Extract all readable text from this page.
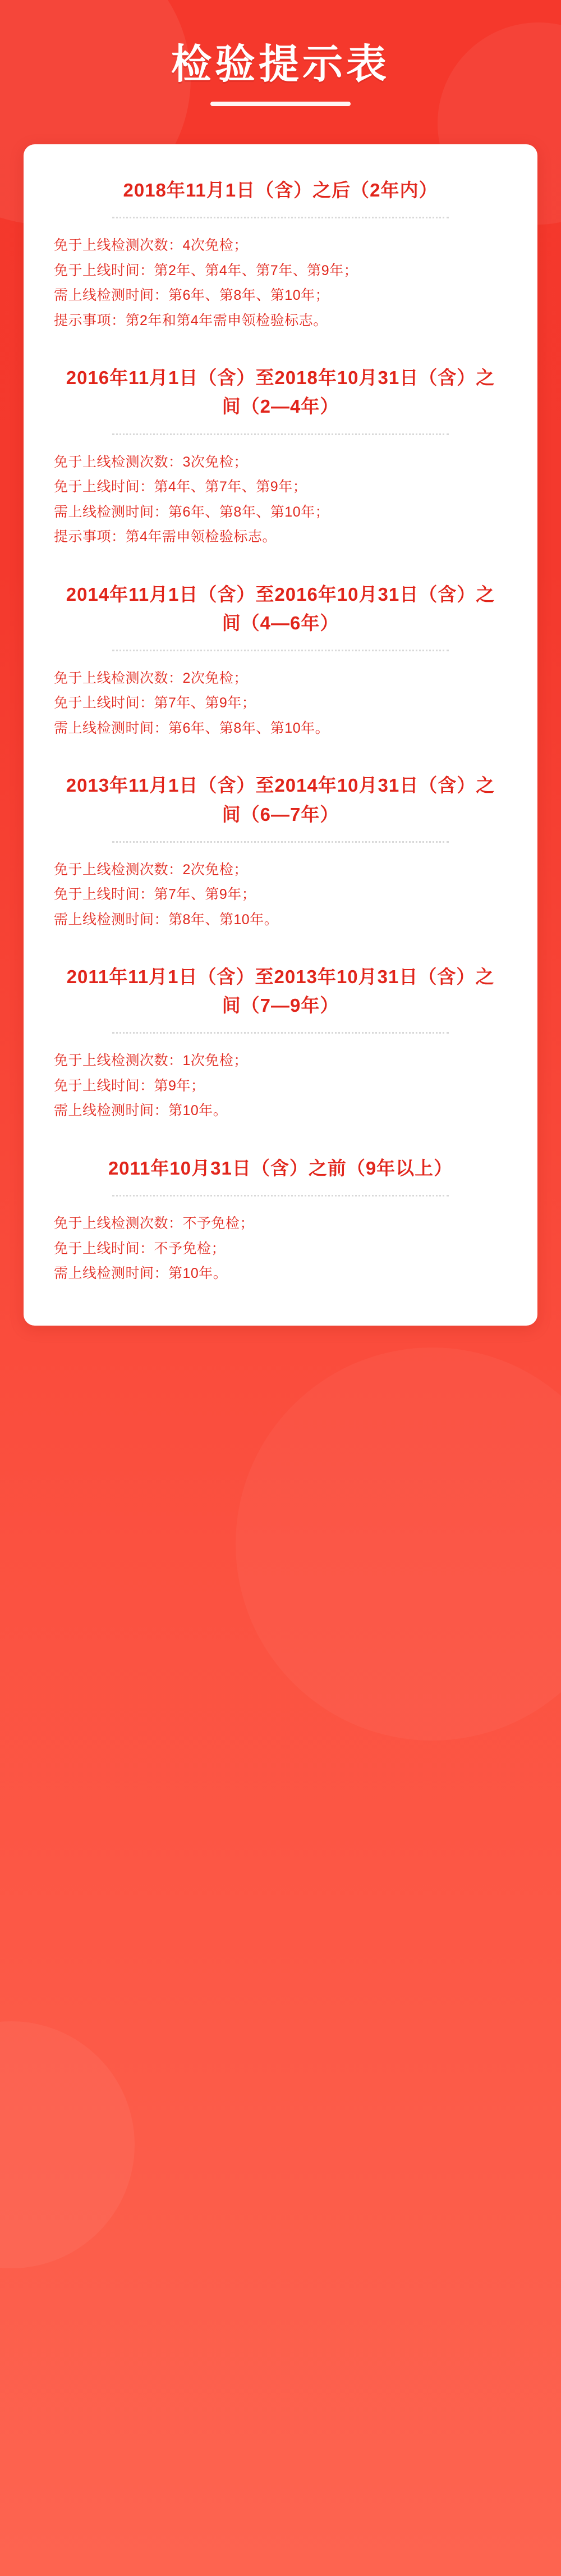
检验提示表
2018年11月1日（含）之后（2年内）
免于上线检测次数：4次免检；
免于上线时间：第2年、第4年、第7年、第9年；
需上线检测时间：第6年、第8年、第10年；
提示事项：第2年和第4年需申领检验标志。
2016年11月1日（含）至2018年10月31日（含）之间（2—4年）
免于上线检测次数：3次免检；
免于上线时间：第4年、第7年、第9年；
需上线检测时间：第6年、第8年、第10年；
提示事项：第4年需申领检验标志。
2014年11月1日（含）至2016年10月31日（含）之间（4—6年）
免于上线检测次数：2次免检；
免于上线时间：第7年、第9年；
需上线检测时间：第6年、第8年、第10年。
2013年11月1日（含）至2014年10月31日（含）之间（6—7年）
免于上线检测次数：2次免检；
免于上线时间：第7年、第9年；
需上线检测时间：第8年、第10年。
2011年11月1日（含）至2013年10月31日（含）之间（7—9年）
免于上线检测次数：1次免检；
免于上线时间：第9年；
需上线检测时间：第10年。
2011年10月31日（含）之前（9年以上）
免于上线检测次数：不予免检；
免于上线时间：不予免检；
需上线检测时间：第10年。
